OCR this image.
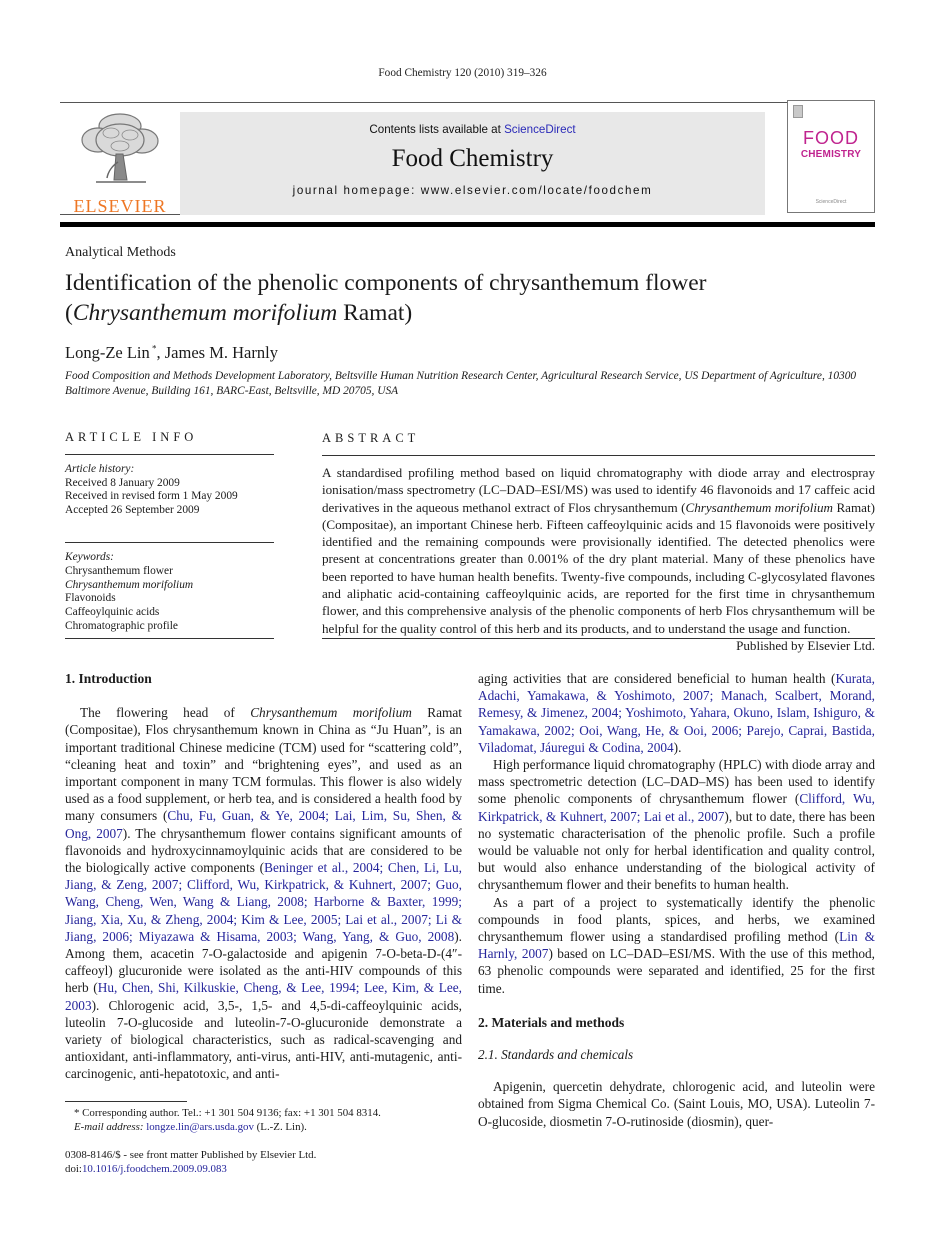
Food Chemistry 120 (2010) 319–326
ELSEVIER
Contents lists available at ScienceDirect
Food Chemistry
journal homepage: www.elsevier.com/locate/foodchem
FOOD
CHEMISTRY
ScienceDirect
Analytical Methods
Identification of the phenolic components of chrysanthemum flower
(Chrysanthemum morifolium Ramat)
Long-Ze Lin *, James M. Harnly
Food Composition and Methods Development Laboratory, Beltsville Human Nutrition Research Center, Agricultural Research Service, US Department of Agriculture, 10300 Baltimore Avenue, Building 161, BARC-East, Beltsville, MD 20705, USA
ARTICLE INFO
Article history:
Received 8 January 2009
Received in revised form 1 May 2009
Accepted 26 September 2009
Keywords:
Chrysanthemum flower
Chrysanthemum morifolium
Flavonoids
Caffeoylquinic acids
Chromatographic profile
ABSTRACT
A standardised profiling method based on liquid chromatography with diode array and electrospray ionisation/mass spectrometry (LC–DAD–ESI/MS) was used to identify 46 flavonoids and 17 caffeic acid derivatives in the aqueous methanol extract of Flos chrysanthemum (Chrysanthemum morifolium Ramat) (Compositae), an important Chinese herb. Fifteen caffeoylquinic acids and 15 flavonoids were positively identified and the remaining compounds were provisionally identified. The detected phenolics were present at concentrations greater than 0.001% of the dry plant material. Many of these phenolics have been reported to have human health benefits. Twenty-five compounds, including C-glycosylated flavones and aliphatic acid-containing caffeoylquinic acids, are reported for the first time in chrysanthemum flower, and this comprehensive analysis of the phenolic components of herb Flos chrysanthemum will be helpful for the quality control of this herb and its products, and to understand the usage and function.
Published by Elsevier Ltd.
1. Introduction

The flowering head of Chrysanthemum morifolium Ramat (Compositae), Flos chrysanthemum known in China as “Ju Huan”, is an important traditional Chinese medicine (TCM) used for “scattering cold”, “cleaning heat and toxin” and “brightening eyes”, and used as an important component in many TCM formulas. This flower is also widely used as a food supplement, or herb tea, and is considered a health food by many consumers (Chu, Fu, Guan, & Ye, 2004; Lai, Lim, Su, Shen, & Ong, 2007). The chrysanthemum flower contains significant amounts of flavonoids and hydroxycinnamoylquinic acids that are considered to be the biologically active components (Beninger et al., 2004; Chen, Li, Lu, Jiang, & Zeng, 2007; Clifford, Wu, Kirkpatrick, & Kuhnert, 2007; Guo, Wang, Cheng, Wen, Wang & Liang, 2008; Harborne & Baxter, 1999; Jiang, Xia, Xu, & Zheng, 2004; Kim & Lee, 2005; Lai et al., 2007; Li & Jiang, 2006; Miyazawa & Hisama, 2003; Wang, Yang, & Guo, 2008). Among them, acacetin 7-O-galactoside and apigenin 7-O-beta-D-(4″-caffeoyl) glucuronide were isolated as the anti-HIV compounds of this herb (Hu, Chen, Shi, Kilkuskie, Cheng, & Lee, 1994; Lee, Kim, & Lee, 2003). Chlorogenic acid, 3,5-, 1,5- and 4,5-di-caffeoylquinic acids, luteolin 7-O-glucoside and luteolin-7-O-glucuronide demonstrate a variety of biological characteristics, such as radical-scavenging and antioxidant, anti-inflammatory, anti-virus, anti-HIV, anti-mutagenic, anti-carcinogenic, anti-hepatotoxic, and anti-

aging activities that are considered beneficial to human health (Kurata, Adachi, Yamakawa, & Yoshimoto, 2007; Manach, Scalbert, Morand, Remesy, & Jimenez, 2004; Yoshimoto, Yahara, Okuno, Islam, Ishiguro, & Yamakawa, 2002; Ooi, Wang, He, & Ooi, 2006; Parejo, Caprai, Bastida, Viladomat, Jáuregui & Codina, 2004).

High performance liquid chromatography (HPLC) with diode array and mass spectrometric detection (LC–DAD–MS) has been used to identify some phenolic components of chrysanthemum flower (Clifford, Wu, Kirkpatrick, & Kuhnert, 2007; Lai et al., 2007), but to date, there has been no systematic characterisation of the phenolic profile. Such a profile would be valuable not only for herbal identification and quality control, but would also enhance understanding of the biological activity of chrysanthemum flower and their benefits to human health.

As a part of a project to systematically identify the phenolic compounds in food plants, spices, and herbs, we examined chrysanthemum flower using a standardised profiling method (Lin & Harnly, 2007) based on LC–DAD–ESI/MS. With the use of this method, 63 phenolic compounds were separated and identified, 25 for the first time.

2. Materials and methods
2.1. Standards and chemicals

Apigenin, quercetin dehydrate, chlorogenic acid, and luteolin were obtained from Sigma Chemical Co. (Saint Louis, MO, USA). Luteolin 7-O-glucoside, diosmetin 7-O-rutinoside (diosmin), quer-

* Corresponding author. Tel.: +1 301 504 9136; fax: +1 301 504 8314.
E-mail address: longze.lin@ars.usda.gov (L.-Z. Lin).
0308-8146/$ - see front matter Published by Elsevier Ltd.
doi:10.1016/j.foodchem.2009.09.083
